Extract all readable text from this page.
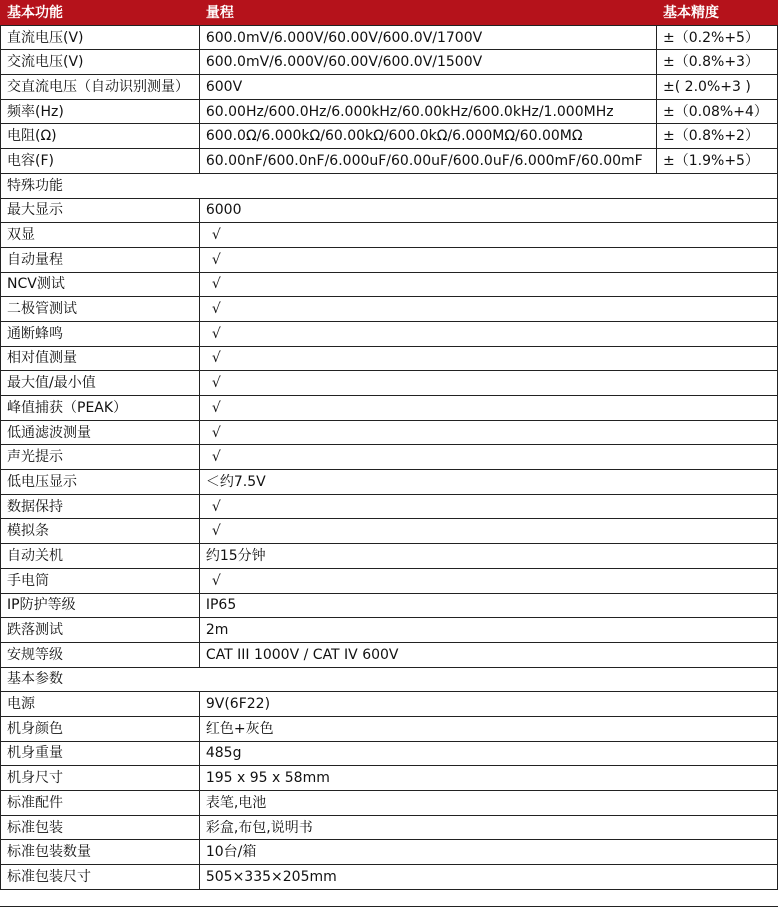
基本功能	量程	基本精度
直流电压(V)	600.0mV/6.000V/60.00V/600.0V/1700V	±（0.2%+5）
交流电压(V)	600.0mV/6.000V/60.00V/600.0V/1500V	±（0.8%+3）
交直流电压（自动识别测量）	600V	±( 2.0%+3 )
频率(Hz)	60.00Hz/600.0Hz/6.000kHz/60.00kHz/600.0kHz/1.000MHz	±（0.08%+4）
电阻(Ω)	600.0Ω/6.000kΩ/60.00kΩ/600.0kΩ/6.000MΩ/60.00MΩ	±（0.8%+2）
电容(F)	60.00nF/600.0nF/6.000uF/60.00uF/600.0uF/6.000mF/60.00mF	±（1.9%+5）
特殊功能		
最大显示	6000	
双显	√	
自动量程	√	
NCV测试	√	
二极管测试	√	
通断蜂鸣	√	
相对值测量	√	
最大值/最小值	√	
峰值捕获（PEAK）	√	
低通滤波测量	√	
声光提示	√	
低电压显示	＜约7.5V	
数据保持	√	
模拟条	√	
自动关机	约15分钟	
手电筒	√	
IP防护等级	IP65	
跌落测试	2m	
安规等级	CAT III 1000V / CAT IV 600V	
基本参数		
电源	9V(6F22)	
机身颜色	红色+灰色	
机身重量	485g	
机身尺寸	195 x 95 x 58mm	
标准配件	表笔,电池	
标准包装	彩盒,布包,说明书	
标准包装数量	10台/箱	
标准包装尺寸	505×335×205mm	
